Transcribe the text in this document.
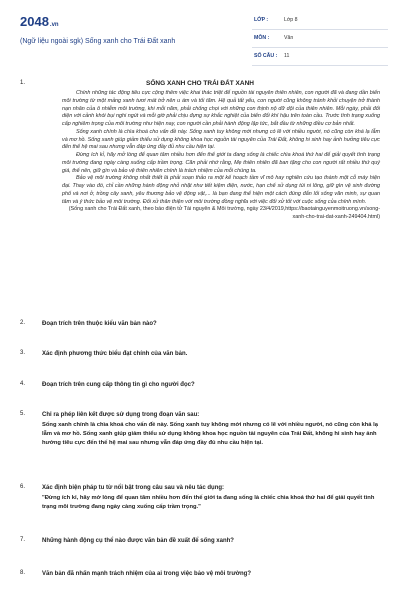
2048.vn
(Ngữ liệu ngoài sgk) Sống xanh cho Trái Đất xanh
LỚP :	Lớp 8
MÔN :	Văn
SỐ CÂU : 11
1.	SỐNG XANH CHO TRÁI ĐẤT XANH

Chính những tác động tiêu cực cộng thêm việc khai thác triệt để nguồn tài nguyên thiên nhiên, con người đã và đang dần biến môi trường từ một mảng xanh tươi mát trở nên u ám và tối tăm. Hệ quả tất yếu, con người cũng không tránh khỏi chuyện trở thành nạn nhân của ô nhiễm môi trường, khi mỗi năm, phải chống chọi với những con thịnh nộ dữ dội của thiên nhiên. Mỗi ngày, phải đối diện với cảnh khói bụi nghi ngút và mỗi giờ phải chịu đựng sự khắc nghiệt của biến đổi khí hậu trên toàn cầu. Trước tình trạng xuống cấp nghiêm trọng của môi trường như hiện nay, con người cần phải hành động lập tức, bắt đầu từ những điều cơ bản nhất.

Sống xanh chính là chìa khoá cho vấn đề này. Sống xanh tuy không mới nhưng có lẽ với nhiều người, nó cũng còn khá lạ lẫm và mơ hồ. Sống xanh giúp giảm thiểu sử dụng không khoa học nguồn tài nguyên của Trái Đất, không hi sinh hay ảnh hưởng tiêu cực đến thế hệ mai sau nhưng vẫn đáp ứng đầy đủ nhu cầu hiện tại.

Đừng ích kỉ, hãy mở lòng để quan tâm nhiều hơn đến thế giới ta đang sống là chiếc chìa khoá thứ hai để giải quyết tình trạng môi trường đang ngày càng xuống cấp trầm trọng. Căn phải nhớ rằng, Mẹ thiên nhiên đã ban tặng cho con người rất nhiều thứ quý giá, thế nên, giữ gìn và bảo vệ thiên nhiên chính là trách nhiệm của mỗi chúng ta.

Bảo vệ môi trường không nhất thiết là phải soạn thảo ra một kế hoạch tầm vĩ mô hay nghiên cứu tạo thành một cỗ máy hiện đại. Thay vào đó, chỉ cần những hành động nhỏ nhặt như tiết kiệm điện, nước, hạn chế sử dụng túi ni lông, giữ gìn vệ sinh đường phố và nơi ở, trồng cây xanh, yêu thương bảo vệ động vật,... là bạn đang thể hiện một cách đúng đắn lối sống văn minh, sự quan tâm và ý thức bảo vệ môi trường. Đối xử thân thiện với môi trường đồng nghĩa với việc đối xử tốt với cuộc sống của chính mình.

(Sống xanh cho Trái Đất xanh, theo báo điện tử Tài nguyên & Môi trường, ngày 23/4/2019,https://baotainguyenmoitruong.vn/song-xanh-cho-trai-dat-xanh-249404.html)

2.	Đoạn trích trên thuộc kiểu văn bản nào?
3.	Xác định phương thức biểu đạt chính của văn bản.
4.	Đoạn trích trên cung cấp thông tin gì cho người đọc?
5.	Chỉ ra phép liên kết được sử dụng trong đoạn văn sau:
Sống xanh chính là chìa khoá cho vấn đề này. Sống xanh tuy không mới nhưng có lẽ với nhiều người, nó cũng còn khá lạ lẫm và mơ hồ. Sống xanh giúp giảm thiểu sử dụng không khoa học nguồn tài nguyên của Trái Đất, không hi sinh hay ảnh hưởng tiêu cực đến thế hệ mai sau nhưng vẫn đáp ứng đầy đủ nhu cầu hiện tại.
6.	Xác định biện pháp tu từ nổi bật trong câu sau và nêu tác dụng:
"Đừng ích kỉ, hãy mở lòng để quan tâm nhiều hơn đến thế giới ta đang sống là chiếc chìa khoá thứ hai để giải quyết tình trạng môi trường đang ngày càng xuống cấp trầm trọng."
7.	Những hành động cụ thể nào được văn bản đề xuất để sống xanh?
8.	Văn bản đã nhấn mạnh trách nhiệm của ai trong việc bảo vệ môi trường?
